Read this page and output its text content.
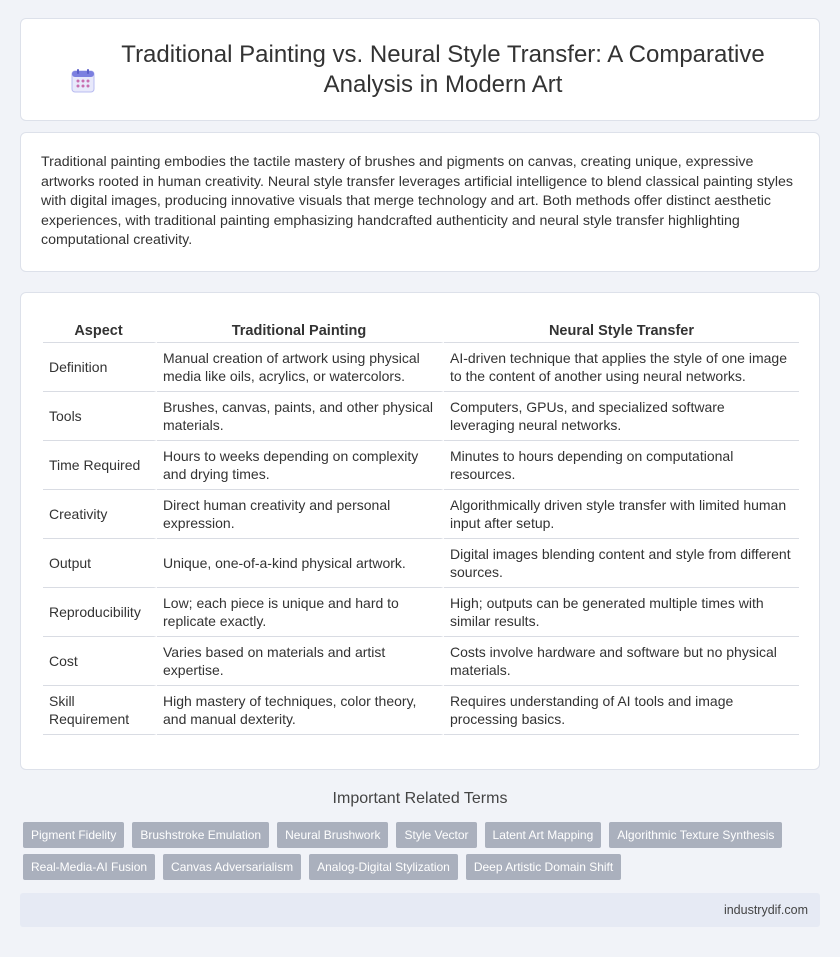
Traditional Painting vs. Neural Style Transfer: A Comparative Analysis in Modern Art

Traditional painting embodies the tactile mastery of brushes and pigments on canvas, creating unique, expressive artworks rooted in human creativity. Neural style transfer leverages artificial intelligence to blend classical painting styles with digital images, producing innovative visuals that merge technology and art. Both methods offer distinct aesthetic experiences, with traditional painting emphasizing handcrafted authenticity and neural style transfer highlighting computational creativity.

Aspect	Traditional Painting	Neural Style Transfer
Definition	Manual creation of artwork using physical media like oils, acrylics, or watercolors.	AI-driven technique that applies the style of one image to the content of another using neural networks.
Tools	Brushes, canvas, paints, and other physical materials.	Computers, GPUs, and specialized software leveraging neural networks.
Time Required	Hours to weeks depending on complexity and drying times.	Minutes to hours depending on computational resources.
Creativity	Direct human creativity and personal expression.	Algorithmically driven style transfer with limited human input after setup.
Output	Unique, one-of-a-kind physical artwork.	Digital images blending content and style from different sources.
Reproducibility	Low; each piece is unique and hard to replicate exactly.	High; outputs can be generated multiple times with similar results.
Cost	Varies based on materials and artist expertise.	Costs involve hardware and software but no physical materials.
Skill Requirement	High mastery of techniques, color theory, and manual dexterity.	Requires understanding of AI tools and image processing basics.
Important Related Terms
Pigment Fidelity	Brushstroke Emulation	Neural Brushwork	Style Vector	Latent Art Mapping	Algorithmic Texture Synthesis
Real-Media-AI Fusion	Canvas Adversarialism	Analog-Digital Stylization	Deep Artistic Domain Shift
industrydif.com
